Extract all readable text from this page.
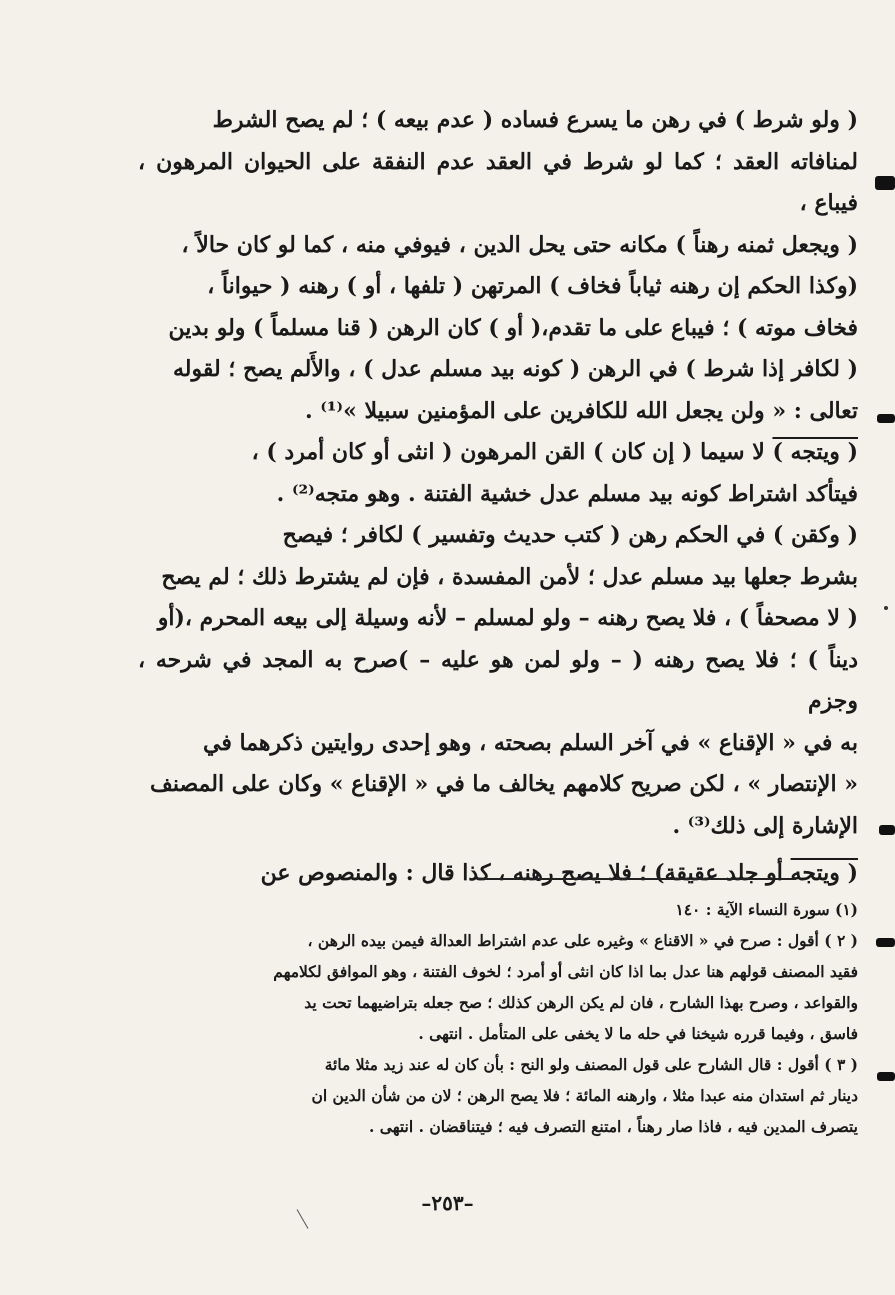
( ولو شرط ) في رهن ما يسرع فساده ( عدم بيعه ) ؛ لم يصح الشرط

لمنافاته العقد ؛ كما لو شرط في العقد عدم النفقة على الحيوان المرهون ، فيباع ،

( ويجعل ثمنه رهناً ) مكانه حتى يحل الدين ، فيوفي منه ، كما لو كان حالاً ،

(وكذا الحكم إن رهنه ثياباً فخاف ) المرتهن ( تلفها ، أو ) رهنه ( حيواناً ،

فخاف موته ) ؛ فيباع على ما تقدم،( أو ) كان الرهن ( قنا مسلماً ) ولو بدين

( لكافر إذا شرط ) في الرهن ( كونه بيد مسلم عدل ) ، والأَلم يصح ؛ لقوله

تعالى : « ولن يجعل الله للكافرين على المؤمنين سبيلا »⁽¹⁾ .

( ويتجه ) لا سيما ( إن كان ) القن المرهون ( انثى أو كان أمرد ) ،

فيتأكد اشتراط كونه بيد مسلم عدل خشية الفتنة . وهو متجه⁽²⁾ .

( وكقن ) في الحكم رهن ( كتب حديث وتفسير ) لكافر ؛ فيصح

بشرط جعلها بيد مسلم عدل ؛ لأمن المفسدة ، فإن لم يشترط ذلك ؛ لم يصح

( لا مصحفاً ) ، فلا يصح رهنه – ولو لمسلم – لأنه وسيلة إلى بيعه المحرم ،(أو

ديناً ) ؛ فلا يصح رهنه ( – ولو لمن هو عليه – )صرح به المجد في شرحه ، وجزم

به في « الإقناع » في آخر السلم بصحته ، وهو إحدى روايتين ذكرهما في

« الإنتصار » ، لكن صريح كلامهم يخالف ما في « الإقناع » وكان على المصنف

الإشارة إلى ذلك⁽³⁾ .

( ويتجه أو جلد عقيقة) ؛ فلا يصح رهنه ، كذا قال : والمنصوص عن

(١) سورة النساء الآية : ١٤٠

( ٢ ) أقول : صرح في « الاقناع » وغيره على عدم اشتراط العدالة فيمن بيده الرهن ،

فقيد المصنف قولهم هنا عدل بما اذا كان انثى أو أمرد ؛ لخوف الفتنة ، وهو الموافق لكلامهم

والقواعد ، وصرح بهذا الشارح ، فان لم يكن الرهن كذلك ؛ صح جعله بتراضيهما تحت يد

فاسق ، وفيما قرره شيخنا في حله ما لا يخفى على المتأمل . انتهى .

( ٣ ) أقول : قال الشارح على قول المصنف ولو النح : بأن كان له عند زيد مثلا مائة

دينار ثم استدان منه عبدا مثلا ، وارهنه المائة ؛ فلا يصح الرهن ؛ لان من شأن الدين ان

يتصرف المدين فيه ، فاذا صار رهناً ، امتنع التصرف فيه ؛ فيتناقضان . انتهى .

–٢٥٣–
